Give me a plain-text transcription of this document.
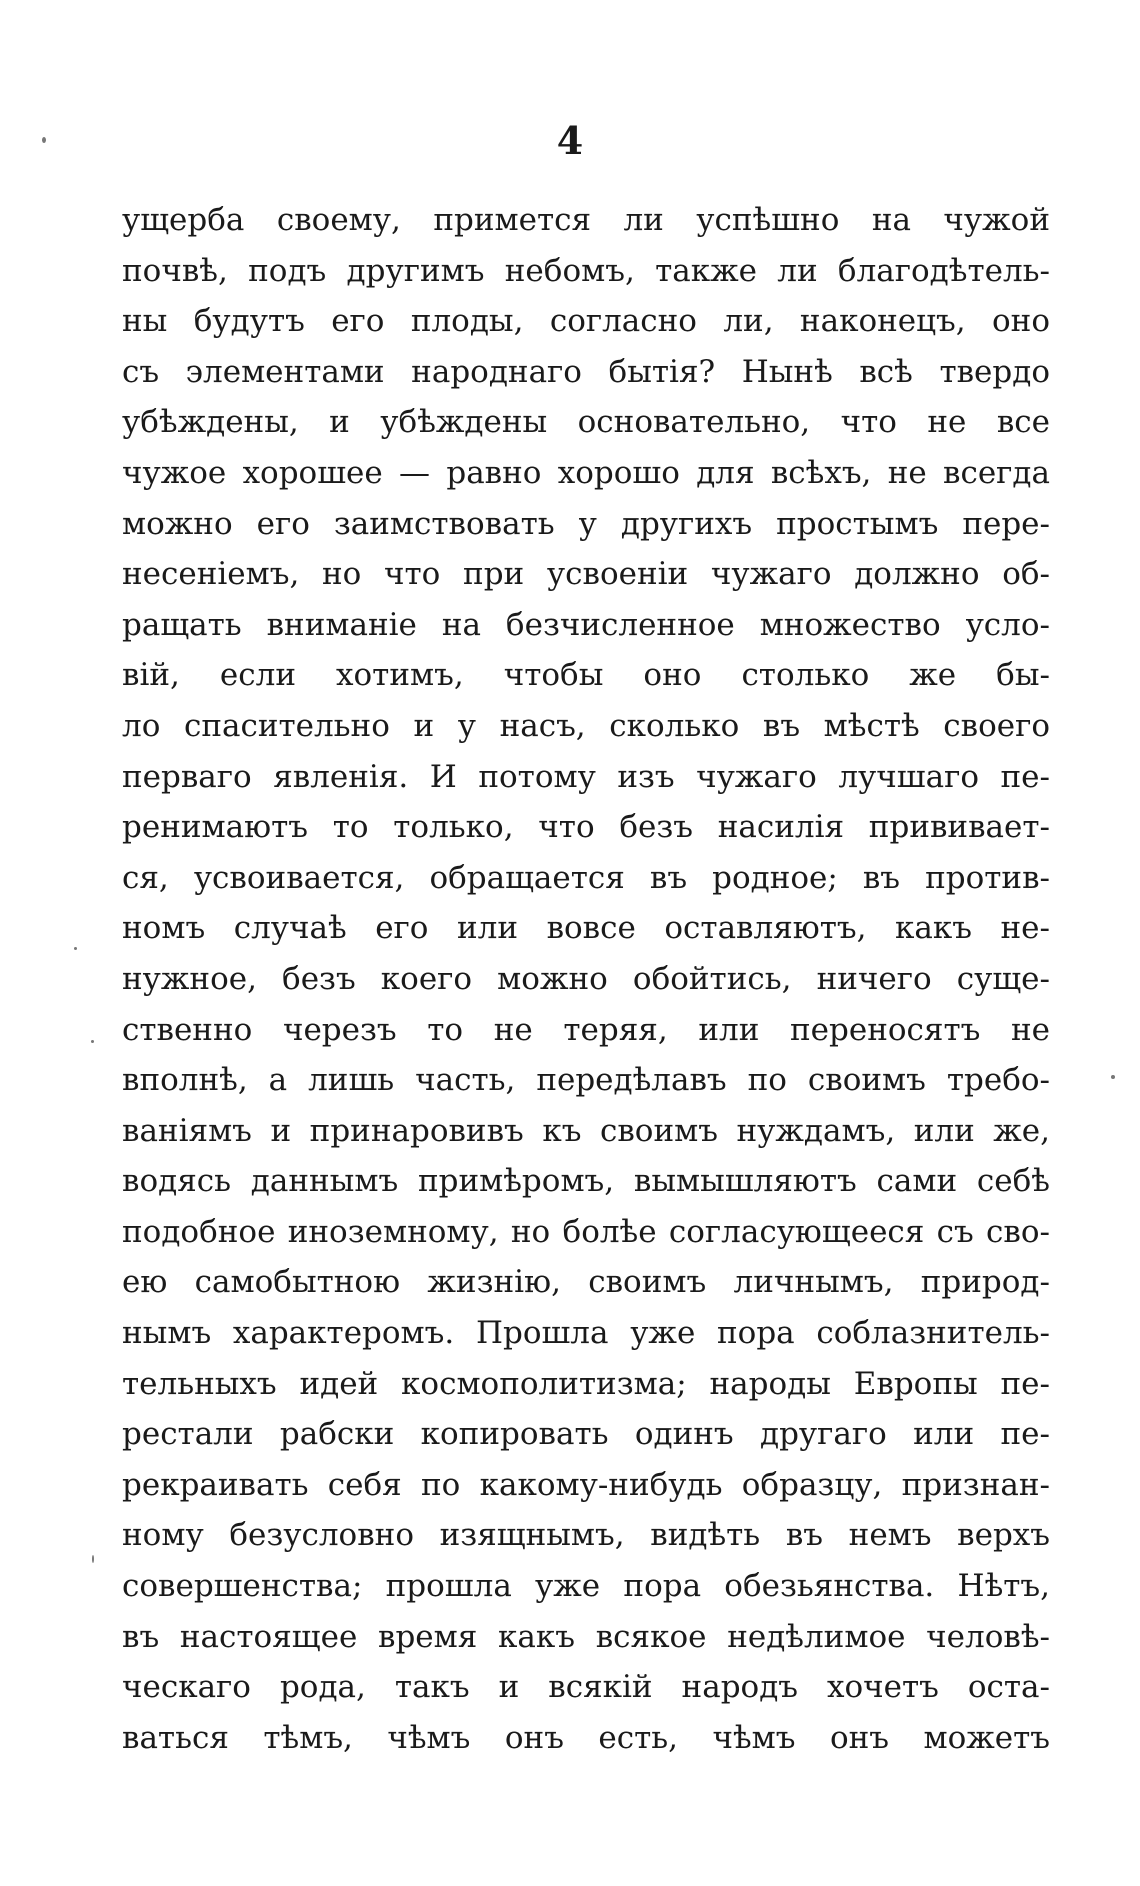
4
ущерба своему, примется ли успѣшно на чужой
почвѣ, подъ другимъ небомъ, также ли благодѣтель-
ны будутъ его плоды, согласно ли, наконецъ, оно
съ элементами народнаго бытія? Нынѣ всѣ твердо
убѣждены, и убѣждены основательно, что не все
чужое хорошее — равно хорошо для всѣхъ, не всегда
можно его заимствовать у другихъ простымъ пере-
несеніемъ, но что при усвоеніи чужаго должно об-
ращать вниманіе на безчисленное множество усло-
вій, если хотимъ, чтобы оно столько же бы-
ло спасительно и у насъ, сколько въ мѣстѣ своего
перваго явленія. И потому изъ чужаго лучшаго пе-
ренимаютъ то только, что безъ насилія прививает-
ся, усвоивается, обращается въ родное; въ против-
номъ случаѣ его или вовсе оставляютъ, какъ не-
нужное, безъ коего можно обойтись, ничего суще-
ственно черезъ то не теряя, или переносятъ не
вполнѣ, а лишь часть, передѣлавъ по своимъ требо-
ваніямъ и принаровивъ къ своимъ нуждамъ, или же,
водясь даннымъ примѣромъ, вымышляютъ сами себѣ
подобное иноземному, но болѣе согласующееся съ сво-
ею самобытною жизнію, своимъ личнымъ, природ-
нымъ характеромъ. Прошла уже пора соблазнитель-
тельныхъ идей космополитизма; народы Европы пе-
рестали рабски копировать одинъ другаго или пе-
рекраивать себя по какому-нибудь образцу, признан-
ному безусловно изящнымъ, видѣть въ немъ верхъ
совершенства; прошла уже пора обезьянства. Нѣтъ,
въ настоящее время какъ всякое недѣлимое человѣ-
ческаго рода, такъ и всякій народъ хочетъ оста-
ваться тѣмъ, чѣмъ онъ есть, чѣмъ онъ можетъ
